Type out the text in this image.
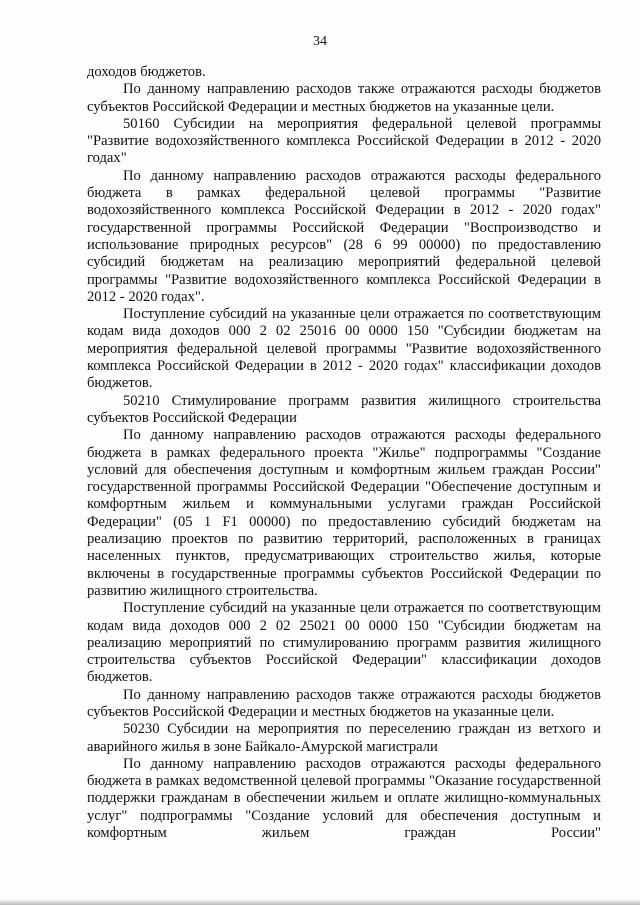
34

доходов бюджетов.

По данному направлению расходов также отражаются расходы бюджетов субъектов Российской Федерации и местных бюджетов на указанные цели.

50160 Субсидии на мероприятия федеральной целевой программы "Развитие водохозяйственного комплекса Российской Федерации в 2012 - 2020 годах"

По данному направлению расходов отражаются расходы федерального бюджета в рамках федеральной целевой программы "Развитие водохозяйственного комплекса Российской Федерации в 2012 - 2020 годах" государственной программы Российской Федерации "Воспроизводство и использование природных ресурсов" (28 6 99 00000) по предоставлению субсидий бюджетам на реализацию мероприятий федеральной целевой программы "Развитие водохозяйственного комплекса Российской Федерации в 2012 - 2020 годах".

Поступление субсидий на указанные цели отражается по соответствующим кодам вида доходов 000 2 02 25016 00 0000 150 "Субсидии бюджетам на мероприятия федеральной целевой программы "Развитие водохозяйственного комплекса Российской Федерации в 2012 - 2020 годах" классификации доходов бюджетов.

50210 Стимулирование программ развития жилищного строительства субъектов Российской Федерации

По данному направлению расходов отражаются расходы федерального бюджета в рамках федерального проекта "Жилье" подпрограммы "Создание условий для обеспечения доступным и комфортным жильем граждан России" государственной программы Российской Федерации "Обеспечение доступным и комфортным жильем и коммунальными услугами граждан Российской Федерации" (05 1 F1 00000) по предоставлению субсидий бюджетам на реализацию проектов по развитию территорий, расположенных в границах населенных пунктов, предусматривающих строительство жилья, которые включены в государственные программы субъектов Российской Федерации по развитию жилищного строительства.

Поступление субсидий на указанные цели отражается по соответствующим кодам вида доходов 000 2 02 25021 00 0000 150 "Субсидии бюджетам на реализацию мероприятий по стимулированию программ развития жилищного строительства субъектов Российской Федерации" классификации доходов бюджетов.

По данному направлению расходов также отражаются расходы бюджетов субъектов Российской Федерации и местных бюджетов на указанные цели.

50230 Субсидии на мероприятия по переселению граждан из ветхого и аварийного жилья в зоне Байкало-Амурской магистрали

По данному направлению расходов отражаются расходы федерального бюджета в рамках ведомственной целевой программы "Оказание государственной поддержки гражданам в обеспечении жильем и оплате жилищно-коммунальных услуг" подпрограммы "Создание условий для обеспечения доступным и комфортным жильем граждан России"
